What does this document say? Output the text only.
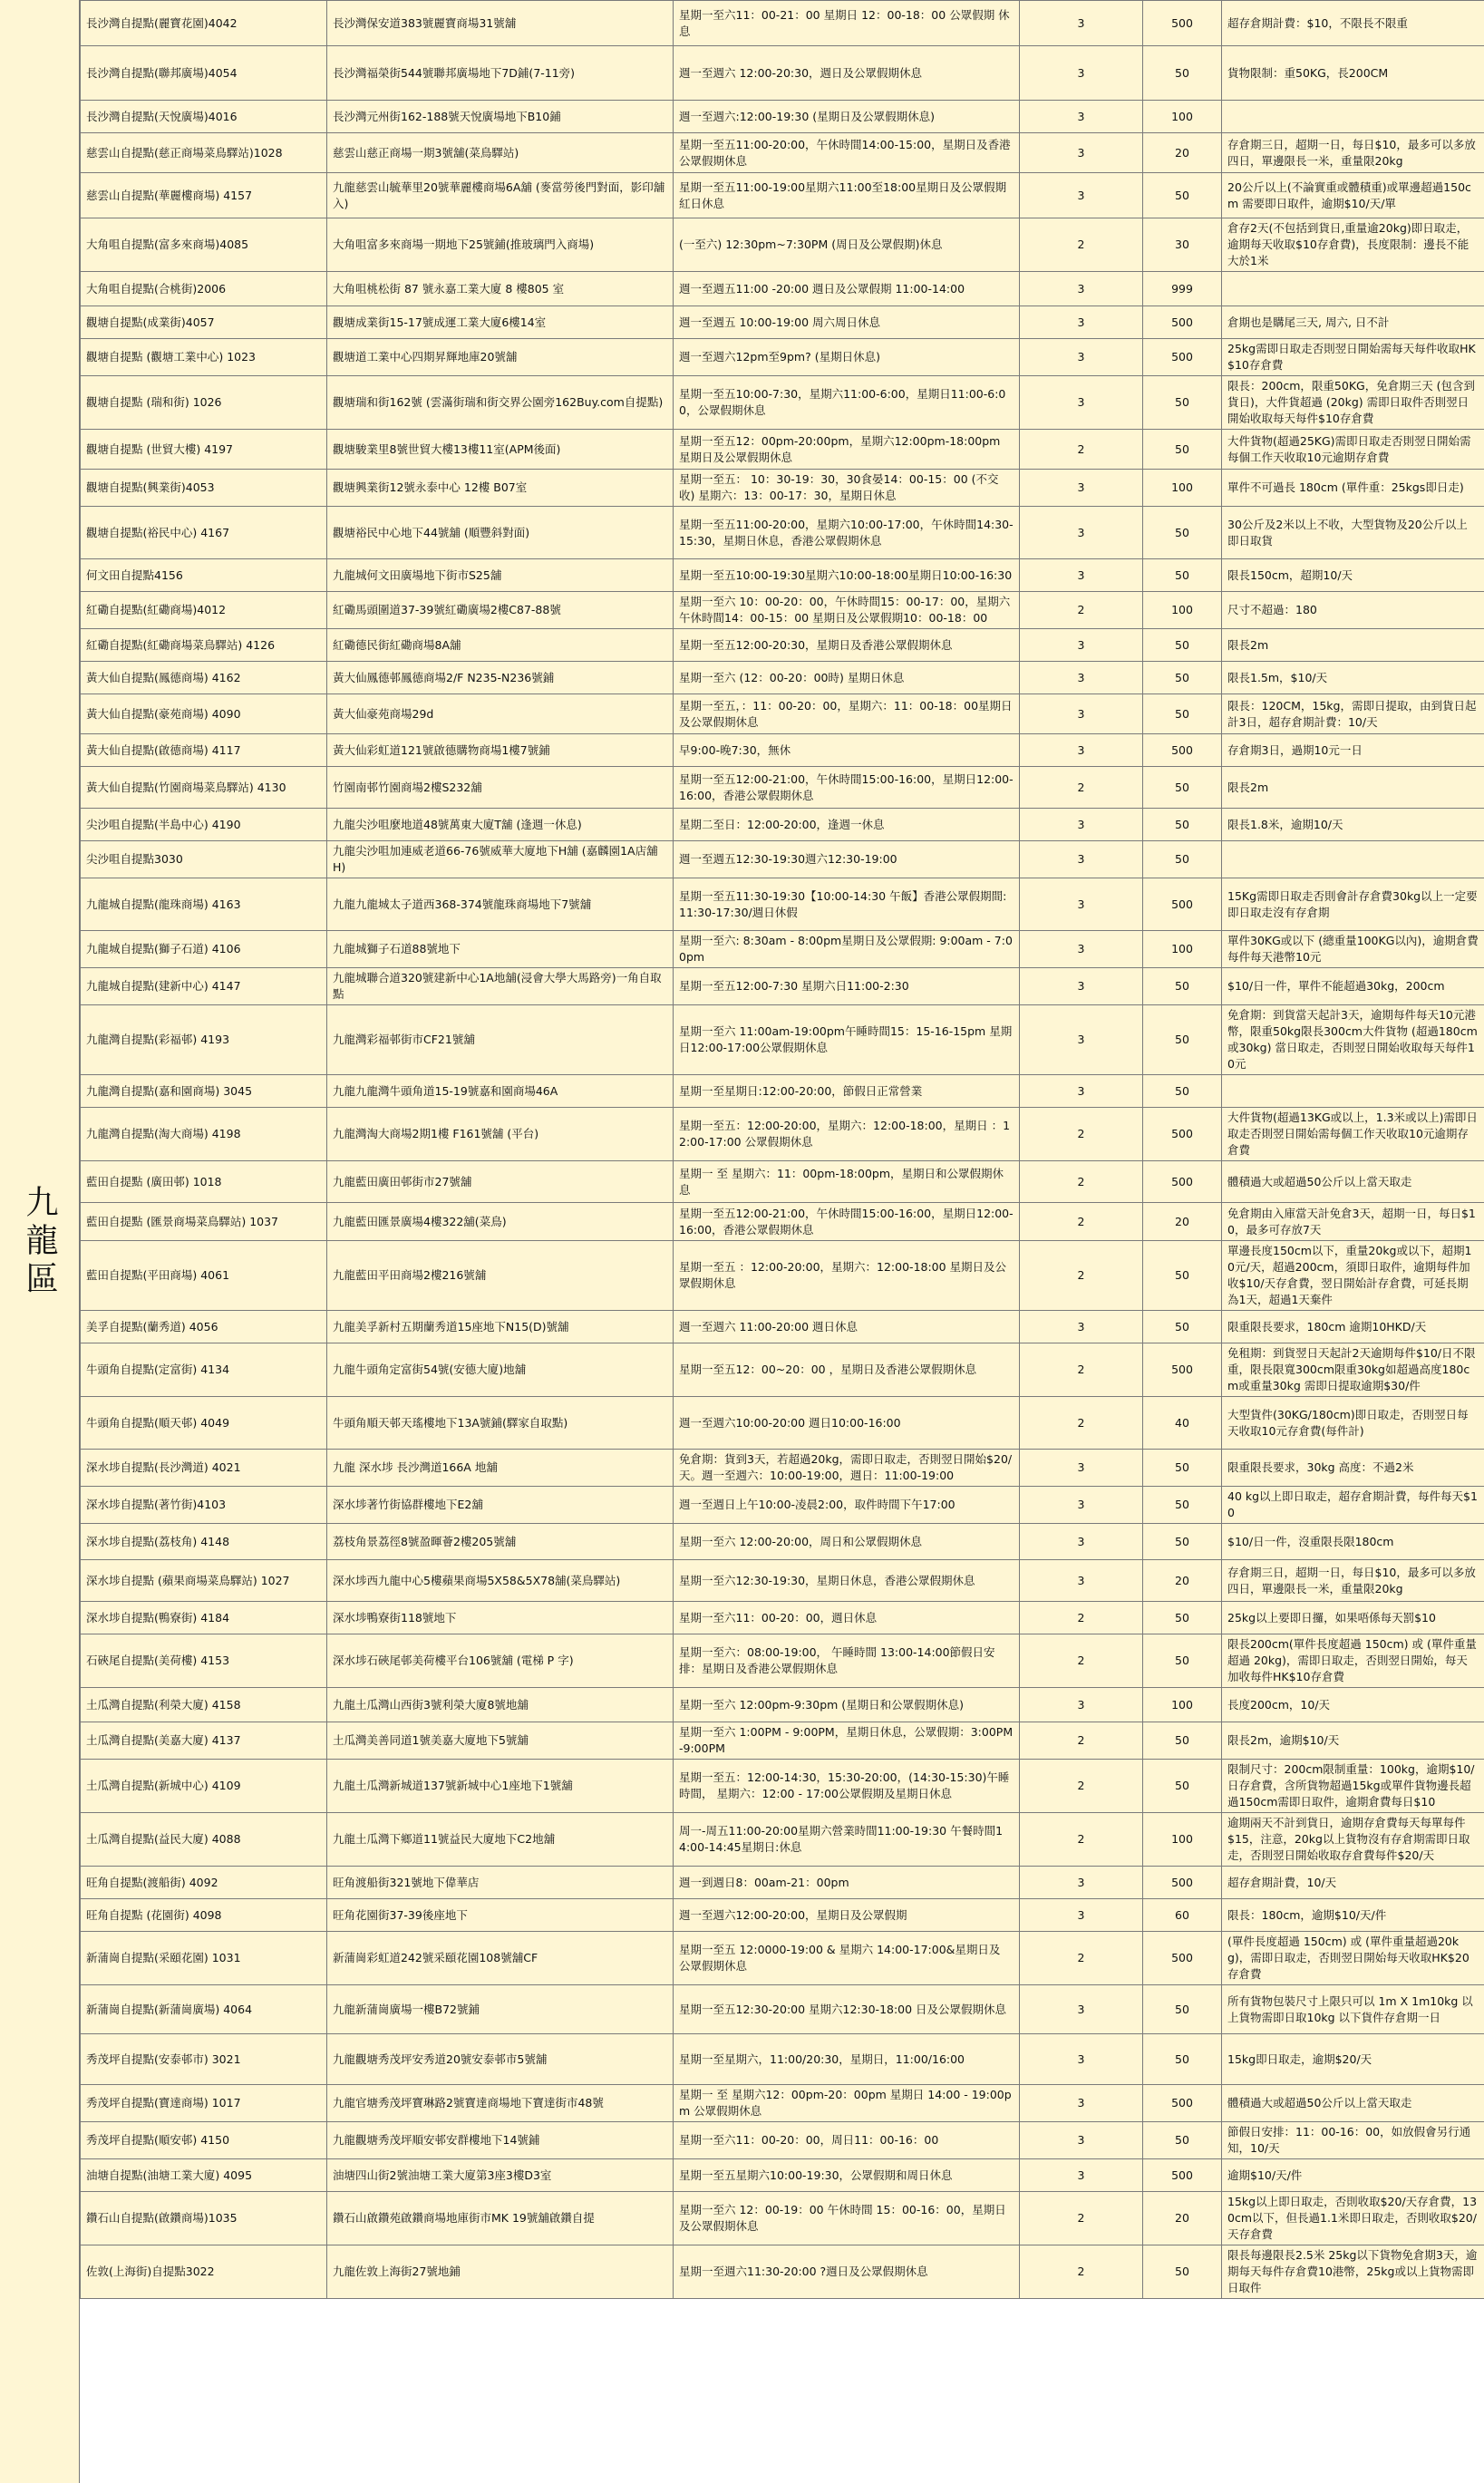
九龍區
長沙灣自提點(麗寶花園)4042	長沙灣保安道383號麗寶商場31號舖	星期一至六11：00-21：00 星期日 12：00-18：00 公眾假期 休息	3	500	超存倉期計費：$10，不限長不限重
長沙灣自提點(聯邦廣場)4054	長沙灣福榮街544號聯邦廣場地下7D鋪(7-11旁)	週一至週六 12:00-20:30，週日及公眾假期休息	3	50	貨物限制：重50KG，長200CM
長沙灣自提點(天悅廣場)4016	長沙灣元州街162-188號天悅廣場地下B10鋪	週一至週六:12:00-19:30 (星期日及公眾假期休息)	3	100	
慈雲山自提點(慈正商場菜鳥驛站)1028	慈雲山慈正商場一期3號舖(菜鳥驛站)	星期一至五11:00-20:00，午休時間14:00-15:00，星期日及香港公眾假期休息	3	20	存倉期三日，超期一日，每日$10，最多可以多放四日，單邊限長一米，重量限20kg
慈雲山自提點(華麗樓商場) 4157	九龍慈雲山毓華里20號華麗樓商場6A舖 (麥當勞後門對面，影印舖入)	星期一至五11:00-19:00星期六11:00至18:00星期日及公眾假期紅日休息	3	50	20公斤以上(不論實重或體積重)或單邊超過150cm 需要即日取件，逾期$10/天/單
大角咀自提點(富多來商場)4085	大角咀富多來商場一期地下25號鋪(推玻璃門入商場)	(一至六) 12:30pm~7:30PM (周日及公眾假期)休息	2	30	倉存2天(不包括到貨日,重量逾20kg)即日取走，逾期每天收取$10存倉費)，長度限制：邊長不能大於1米
大角咀自提點(合桃街)2006	大角咀桃松街 87 號永嘉工業大廈 8 樓805 室	週一至週五11:00 -20:00 週日及公眾假期 11:00-14:00	3	999	
觀塘自提點(成業街)4057	觀塘成業街15-17號成運工業大廈6樓14室	週一至週五 10:00-19:00 周六周日休息	3	500	倉期也是購尾三天, 周六, 日不計
觀塘自提點 (觀塘工業中心) 1023	觀塘道工業中心四期昇輝地庫20號舖	週一至週六12pm至9pm? (星期日休息)	3	500	25kg需即日取走否則翌日開始需每天每件收取HK$10存倉費
觀塘自提點 (瑞和街) 1026	觀塘瑞和街162號 (雲滿街瑞和街交界公園旁162Buy.com自提點)	星期一至五10:00-7:30，星期六11:00-6:00，星期日11:00-6:00，公眾假期休息	3	50	限長：200cm，限重50KG，免倉期三天 (包含到貨日)，大件貨超過 (20kg) 需即日取件否則翌日開始收取每天每件$10存倉費
觀塘自提點 (世貿大樓) 4197	觀塘駿業里8號世貿大樓13樓11室(APM後面)	星期一至五12：00pm-20:00pm，星期六12:00pm-18:00pm 星期日及公眾假期休息	2	50	大件貨物(超過25KG)需即日取走否則翌日開始需每個工作天收取10元逾期存倉費
觀塘自提點(興業街)4053	觀塘興業街12號永泰中心 12樓 B07室	星期一至五： 10：30-19：30，30食晏14：00-15：00 (不交收) 星期六：13：00-17：30，星期日休息	3	100	單件不可過長 180cm (單件重：25kgs即日走)
觀塘自提點(裕民中心) 4167	觀塘裕民中心地下44號舖 (順豐斜對面)	星期一至五11:00-20:00，星期六10:00-17:00，午休時間14:30-15:30，星期日休息，香港公眾假期休息	3	50	30公斤及2米以上不收，大型貨物及20公斤以上即日取貨
何文田自提點4156	九龍城何文田廣場地下街市S25舖	星期一至五10:00-19:30星期六10:00-18:00星期日10:00-16:30	3	50	限長150cm，超期10/天
紅磡自提點(紅磡商場)4012	紅磡馬頭圍道37-39號紅磡廣場2樓C87-88號	星期一至六 10：00-20：00，午休時間15：00-17：00，星期六午休時間14：00-15：00 星期日及公眾假期10：00-18：00	2	100	尺寸不超過：180
紅磡自提點(紅磡商場菜鳥驛站) 4126	紅磡德民街紅磡商場8A舖	星期一至五12:00-20:30，星期日及香港公眾假期休息	3	50	限長2m
黃大仙自提點(鳳德商場) 4162	黃大仙鳳德邨鳳德商場2/F N235-N236號鋪	星期一至六 (12：00-20：00時) 星期日休息	3	50	限長1.5m，$10/天
黃大仙自提點(豪苑商場) 4090	黃大仙豪苑商場29d	星期一至五，：11：00-20：00，星期六：11：00-18：00星期日及公眾假期休息	3	50	限長：120CM，15kg，需即日提取，由到貨日起計3日，超存倉期計費：10/天
黃大仙自提點(啟德商場) 4117	黃大仙彩虹道121號啟德購物商場1樓7號鋪	早9:00-晚7:30，無休	3	500	存倉期3日，過期10元一日
黃大仙自提點(竹園商場菜鳥驛站) 4130	竹園南邨竹園商場2樓S232舖	星期一至五12:00-21:00，午休時間15:00-16:00，星期日12:00-16:00，香港公眾假期休息	2	50	限長2m
尖沙咀自提點(半島中心) 4190	九龍尖沙咀麼地道48號萬東大廈T舖 (逢週一休息)	星期二至日：12:00-20:00，逢週一休息	3	50	限長1.8米，逾期10/天
尖沙咀自提點3030	九龍尖沙咀加連威老道66-76號威華大廈地下H舖 (嘉麟園1A店舖H)	週一至週五12:30-19:30週六12:30-19:00	3	50	
九龍城自提點(龍珠商場) 4163	九龍九龍城太子道西368-374號龍珠商場地下7號舖	星期一至五11:30-19:30【10:00-14:30 午飯】香港公眾假期間:11:30-17:30/週日休假	3	500	15Kg需即日取走否則會計存倉費30kg以上一定要即日取走沒有存倉期
九龍城自提點(獅子石道) 4106	九龍城獅子石道88號地下	星期一至六: 8:30am - 8:00pm星期日及公眾假期: 9:00am - 7:00pm	3	100	單件30KG或以下 (總重量100KG以內)，逾期倉費每件每天港幣10元
九龍城自提點(建新中心) 4147	九龍城聯合道320號建新中心1A地舖(浸會大學大馬路旁)一角自取點	星期一至五12:00-7:30 星期六日11:00-2:30	3	50	$10/日一件，單件不能超過30kg，200cm
九龍灣自提點(彩福邨) 4193	九龍灣彩福邨街市CF21號舖	星期一至六 11:00am-19:00pm午睡時間15：15-16-15pm 星期日12:00-17:00公眾假期休息	3	50	免倉期：到貨當天起計3天，逾期每件每天10元港幣，限重50kg限長300cm大件貨物 (超過180cm或30kg) 當日取走，否則翌日開始收取每天每件10元
九龍灣自提點(嘉和園商場) 3045	九龍九龍灣牛頭角道15-19號嘉和園商場46A	星期一至星期日:12:00-20:00，節假日正常營業	3	50	
九龍灣自提點(淘大商場) 4198	九龍灣淘大商場2期1樓 F161號舖 (平台)	星期一至五：12:00-20:00，星期六：12:00-18:00，星期日 ：12:00-17:00 公眾假期休息	2	500	大件貨物(超過13KG或以上，1.3米或以上)需即日取走否則翌日開始需每個工作天收取10元逾期存倉費
藍田自提點 (廣田邨) 1018	九龍藍田廣田邨街市27號舖	星期一 至 星期六：11：00pm-18:00pm，星期日和公眾假期休息	2	500	體積過大或超過50公斤以上當天取走
藍田自提點 (匯景商場菜鳥驛站) 1037	九龍藍田匯景廣場4樓322舖(菜鳥)	星期一至五12:00-21:00，午休時間15:00-16:00，星期日12:00-16:00，香港公眾假期休息	2	20	免倉期由入庫當天計免倉3天，超期一日，每日$10，最多可存放7天
藍田自提點(平田商場) 4061	九龍藍田平田商場2樓216號舖	星期一至五 ：12:00-20:00，星期六：12:00-18:00 星期日及公眾假期休息	2	50	單邊長度150cm以下，重量20kg或以下，超期10元/天，超過200cm，須即日取件，逾期每件加收$10/天存倉費，翌日開始計存倉費，可延長期為1天，超過1天棄件
美孚自提點(蘭秀道) 4056	九龍美孚新村五期蘭秀道15座地下N15(D)號舖	週一至週六 11:00-20:00 週日休息	3	50	限重限長要求，180cm 逾期10HKD/天
牛頭角自提點(定富街) 4134	九龍牛頭角定富街54號(安德大廈)地舖	星期一至五12：00~20：00 ，星期日及香港公眾假期休息	2	500	免租期：到貨翌日天起計2天逾期每件$10/日不限重，限長限寬300cm限重30kg如超過高度180cm或重量30kg 需即日提取逾期$30/件
牛頭角自提點(順天邨) 4049	牛頭角順天邨天瑤樓地下13A號鋪(驛家自取點)	週一至週六10:00-20:00 週日10:00-16:00	2	40	大型貨件(30KG/180cm)即日取走，否則翌日每天收取10元存倉費(每件計)
深水埗自提點(長沙灣道) 4021	九龍 深水埗 長沙灣道166A 地舖	免倉期：貨到3天，若超過20kg，需即日取走，否則翌日開始$20/天。週一至週六：10:00-19:00，週日：11:00-19:00	3	50	限重限長要求，30kg 高度：不過2米
深水埗自提點(著竹街)4103	深水埗著竹街協群樓地下E2舖	週一至週日上午10:00-凌晨2:00，取件時間下午17:00	3	50	40 kg以上即日取走，超存倉期計費，每件每天$10
深水埗自提點(荔枝角) 4148	荔枝角景荔徑8號盈暉薈2樓205號舖	星期一至六 12:00-20:00，周日和公眾假期休息	3	50	$10/日一件，沒重限長限180cm
深水埗自提點 (蘋果商場菜鳥驛站) 1027	深水埗西九龍中心5樓蘋果商場5X58&5X78舖(菜鳥驛站)	星期一至六12:30-19:30，星期日休息，香港公眾假期休息	3	20	存倉期三日，超期一日，每日$10，最多可以多放四日，單邊限長一米，重量限20kg
深水埗自提點(鴨寮街) 4184	深水埗鴨寮街118號地下	星期一至六11：00-20：00，週日休息	2	50	25kg以上要即日攞，如果唔係每天罰$10
石硤尾自提點(美荷樓) 4153	深水埗石硤尾邨美荷樓平台106號舖 (電梯 P 字)	星期一至六：08:00-19:00， 午睡時間 13:00-14:00節假日安排：星期日及香港公眾假期休息	2	50	限長200cm(單件長度超過 150cm) 或 (單件重量超過 20kg)，需即日取走，否則翌日開始，每天加收每件HK$10存倉費
土瓜灣自提點(利榮大廈) 4158	九龍土瓜灣山西街3號利榮大廈8號地舖	星期一至六 12:00pm-9:30pm (星期日和公眾假期休息)	3	100	長度200cm，10/天
土瓜灣自提點(美嘉大廈) 4137	土瓜灣美善同道1號美嘉大廈地下5號舖	星期一至六 1:00PM - 9:00PM，星期日休息，公眾假期：3:00PM-9:00PM	2	50	限長2m，逾期$10/天
土瓜灣自提點(新城中心) 4109	九龍土瓜灣新城道137號新城中心1座地下1號舖	星期一至五：12:00-14:30，15:30-20:00，(14:30-15:30)午睡時間， 星期六：12:00 - 17:00公眾假期及星期日休息	2	50	限制尺寸：200cm限制重量：100kg，逾期$10/日存倉費，含所貨物超過15kg或單件貨物邊長超過150cm需即日取件，逾期倉費每日$10
土瓜灣自提點(益民大廈) 4088	九龍土瓜灣下鄉道11號益民大廈地下C2地舖	周一-周五11:00-20:00星期六營業時間11:00-19:30 午餐時間14:00-14:45星期日:休息	2	100	逾期兩天不計到貨日，逾期存倉費每天每單每件$15，注意，20kg以上貨物沒有存倉期需即日取走，否則翌日開始收取存倉費每件$20/天
旺角自提點(渡船街) 4092	旺角渡船街321號地下偉華店	週一到週日8：00am-21：00pm	3	500	超存倉期計費，10/天
旺角自提點 (花園街) 4098	旺角花園街37-39後座地下	週一至週六12:00-20:00，星期日及公眾假期	3	60	限長：180cm，逾期$10/天/件
新蒲崗自提點(采頤花園) 1031	新蒲崗彩虹道242號采頤花園108號舖CF	星期一至五 12:0000-19:00 & 星期六 14:00-17:00&星期日及 公眾假期休息	2	500	(單件長度超過 150cm) 或 (單件重量超過20kg)，需即日取走，否則翌日開始每天收取HK$20存倉費
新蒲崗自提點(新蒲崗廣場) 4064	九龍新蒲崗廣場一樓B72號鋪	星期一至五12:30-20:00 星期六12:30-18:00 日及公眾假期休息	3	50	所有貨物包裝尺寸上限只可以 1m X 1m10kg 以上貨物需即日取10kg 以下貨件存倉期一日
秀茂坪自提點(安泰邨市) 3021	九龍觀塘秀茂坪安秀道20號安泰邨市5號舖	星期一至星期六，11:00/20:30，星期日，11:00/16:00	3	50	15kg即日取走，逾期$20/天
秀茂坪自提點(寶達商場) 1017	九龍官塘秀茂坪寶琳路2號寶達商場地下寶達街市48號	星期一 至 星期六12：00pm-20：00pm 星期日 14:00 - 19:00pm 公眾假期休息	3	500	體積過大或超過50公斤以上當天取走
秀茂坪自提點(順安邨) 4150	九龍觀塘秀茂坪順安邨安群樓地下14號鋪	星期一至六11：00-20：00，周日11：00-16：00	3	50	節假日安排：11：00-16：00，如放假會另行通知，10/天
油塘自提點(油塘工業大廈) 4095	油塘四山街2號油塘工業大廈第3座3樓D3室	星期一至五星期六10:00-19:30，公眾假期和周日休息	3	500	逾期$10/天/件
鑽石山自提點(啟鑽商場)1035	鑽石山啟鑽苑啟鑽商場地庫街市MK 19號舖啟鑽自提	星期一至六 12：00-19：00 午休時間 15：00-16：00，星期日及公眾假期休息	2	20	15kg以上即日取走，否則收取$20/天存倉費，130cm以下，但長過1.1米即日取走，否則收取$20/天存倉費
佐敦(上海街)自提點3022	九龍佐敦上海街27號地鋪	星期一至週六11:30-20:00 ?週日及公眾假期休息	2	50	限長每邊限長2.5米 25kg以下貨物免倉期3天，逾期每天每件存倉費10港幣，25kg或以上貨物需即日取件
